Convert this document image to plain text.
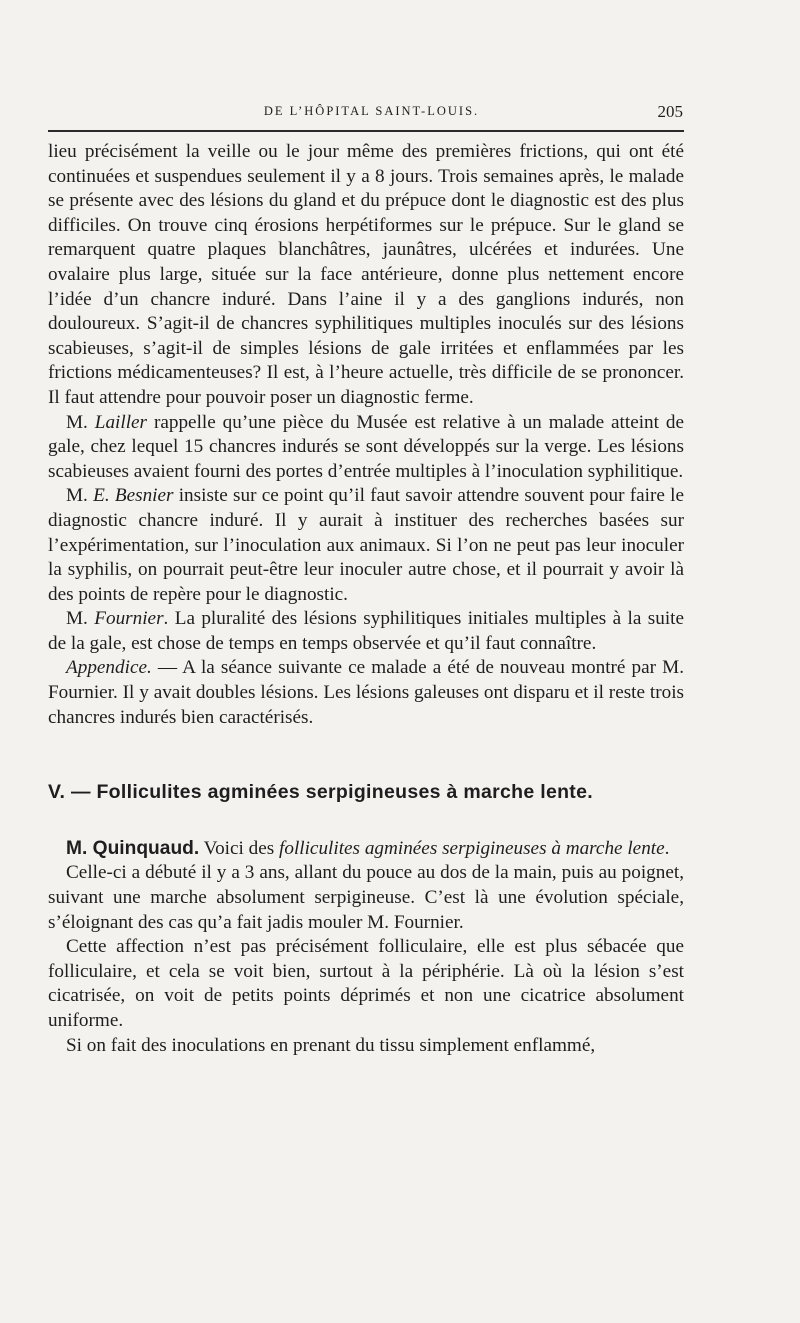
DE L’HÔPITAL SAINT-LOUIS.	205

lieu précisément la veille ou le jour même des premières frictions, qui ont été continuées et suspendues seulement il y a 8 jours. Trois semaines après, le malade se présente avec des lésions du gland et du prépuce dont le diagnostic est des plus difficiles. On trouve cinq érosions herpétiformes sur le prépuce. Sur le gland se remarquent quatre plaques blanchâtres, jaunâtres, ulcérées et indurées. Une ovalaire plus large, située sur la face antérieure, donne plus nettement encore l’idée d’un chancre induré. Dans l’aine il y a des ganglions indurés, non douloureux. S’agit-il de chancres syphilitiques multiples inoculés sur des lésions scabieuses, s’agit-il de simples lésions de gale irritées et enflammées par les frictions médicamenteuses? Il est, à l’heure actuelle, très difficile de se prononcer. Il faut attendre pour pouvoir poser un diagnostic ferme.

M. Lailler rappelle qu’une pièce du Musée est relative à un malade atteint de gale, chez lequel 15 chancres indurés se sont développés sur la verge. Les lésions scabieuses avaient fourni des portes d’entrée multiples à l’inoculation syphilitique.

M. E. Besnier insiste sur ce point qu’il faut savoir attendre souvent pour faire le diagnostic chancre induré. Il y aurait à instituer des recherches basées sur l’expérimentation, sur l’inoculation aux animaux. Si l’on ne peut pas leur inoculer la syphilis, on pourrait peut-être leur inoculer autre chose, et il pourrait y avoir là des points de repère pour le diagnostic.

M. Fournier. La pluralité des lésions syphilitiques initiales multiples à la suite de la gale, est chose de temps en temps observée et qu’il faut connaître.

Appendice. — A la séance suivante ce malade a été de nouveau montré par M. Fournier. Il y avait doubles lésions. Les lésions galeuses ont disparu et il reste trois chancres indurés bien caractérisés.

V. — Folliculites agminées serpigineuses à marche lente.

M. Quinquaud. Voici des folliculites agminées serpigineuses à marche lente.

Celle-ci a débuté il y a 3 ans, allant du pouce au dos de la main, puis au poignet, suivant une marche absolument serpigineuse. C’est là une évolution spéciale, s’éloignant des cas qu’a fait jadis mouler M. Fournier.

Cette affection n’est pas précisément folliculaire, elle est plus sébacée que folliculaire, et cela se voit bien, surtout à la périphérie. Là où la lésion s’est cicatrisée, on voit de petits points déprimés et non une cicatrice absolument uniforme.

Si on fait des inoculations en prenant du tissu simplement enflammé,
